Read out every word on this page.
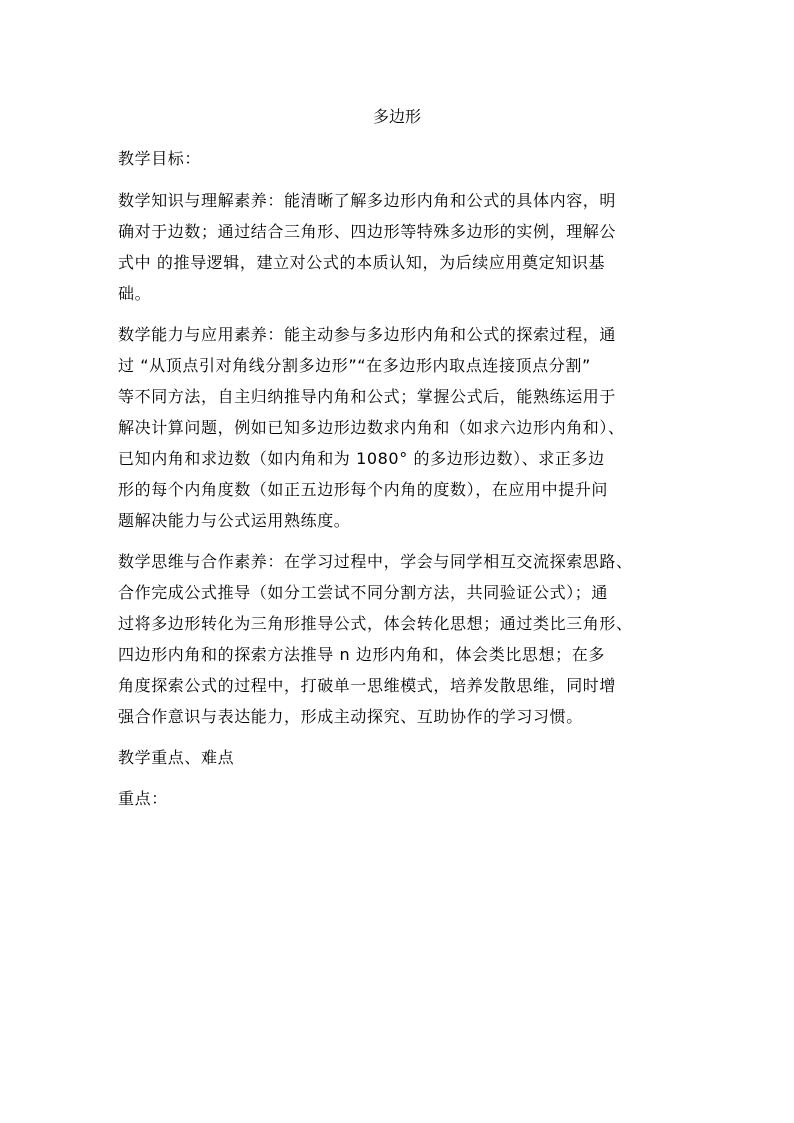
多边形
教学目标：
数学知识与理解素养：能清晰了解多边形内角和公式的具体内容，明
确对于边数；通过结合三角形、四边形等特殊多边形的实例，理解公
式中 的推导逻辑，建立对公式的本质认知，为后续应用奠定知识基
础。
数学能力与应用素养：能主动参与多边形内角和公式的探索过程，通
过 “从顶点引对角线分割多边形”“在多边形内取点连接顶点分割”
等不同方法，自主归纳推导内角和公式；掌握公式后，能熟练运用于
解决计算问题，例如已知多边形边数求内角和（如求六边形内角和）、
已知内角和求边数（如内角和为 1080° 的多边形边数）、求正多边
形的每个内角度数（如正五边形每个内角的度数），在应用中提升问
题解决能力与公式运用熟练度。
数学思维与合作素养：在学习过程中，学会与同学相互交流探索思路、
合作完成公式推导（如分工尝试不同分割方法，共同验证公式）；通
过将多边形转化为三角形推导公式，体会转化思想；通过类比三角形、
四边形内角和的探索方法推导 n 边形内角和，体会类比思想；在多
角度探索公式的过程中，打破单一思维模式，培养发散思维，同时增
强合作意识与表达能力，形成主动探究、互助协作的学习习惯。
教学重点、难点
重点：
